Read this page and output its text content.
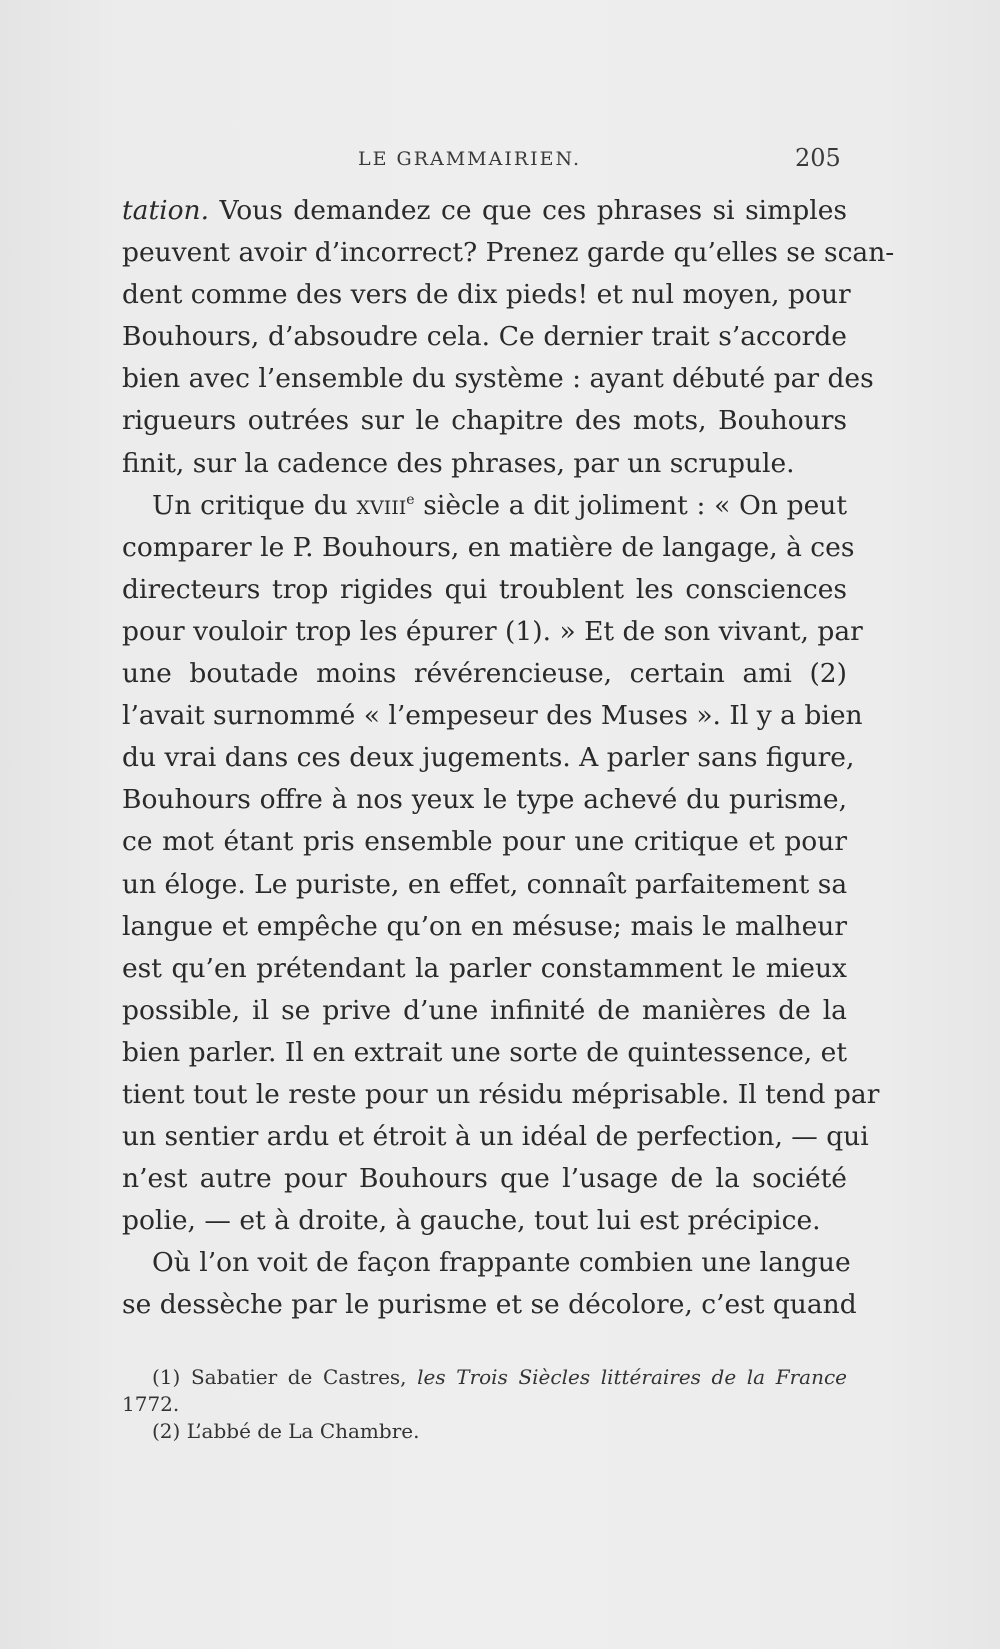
LE GRAMMAIRIEN.	205
tation. Vous demandez ce que ces phrases si simples
peuvent avoir d’incorrect? Prenez garde qu’elles se scan-
dent comme des vers de dix pieds! et nul moyen, pour
Bouhours, d’absoudre cela. Ce dernier trait s’accorde
bien avec l’ensemble du système : ayant débuté par des
rigueurs outrées sur le chapitre des mots, Bouhours
finit, sur la cadence des phrases, par un scrupule.
Un critique du xviii$^e$ siècle a dit joliment : « On peut
comparer le P. Bouhours, en matière de langage, à ces
directeurs trop rigides qui troublent les consciences
pour vouloir trop les épurer (1). » Et de son vivant, par
une boutade moins révérencieuse, certain ami (2)
l’avait surnommé « l’empeseur des Muses ». Il y a bien
du vrai dans ces deux jugements. A parler sans figure,
Bouhours offre à nos yeux le type achevé du purisme,
ce mot étant pris ensemble pour une critique et pour
un éloge. Le puriste, en effet, connaît parfaitement sa
langue et empêche qu’on en mésuse; mais le malheur
est qu’en prétendant la parler constamment le mieux
possible, il se prive d’une infinité de manières de la
bien parler. Il en extrait une sorte de quintessence, et
tient tout le reste pour un résidu méprisable. Il tend par
un sentier ardu et étroit à un idéal de perfection, — qui
n’est autre pour Bouhours que l’usage de la société
polie, — et à droite, à gauche, tout lui est précipice.
Où l’on voit de façon frappante combien une langue
se dessèche par le purisme et se décolore, c’est quand
(1) Sabatier de Castres, les Trois Siècles littéraires de la France
1772.
(2) L’abbé de La Chambre.
